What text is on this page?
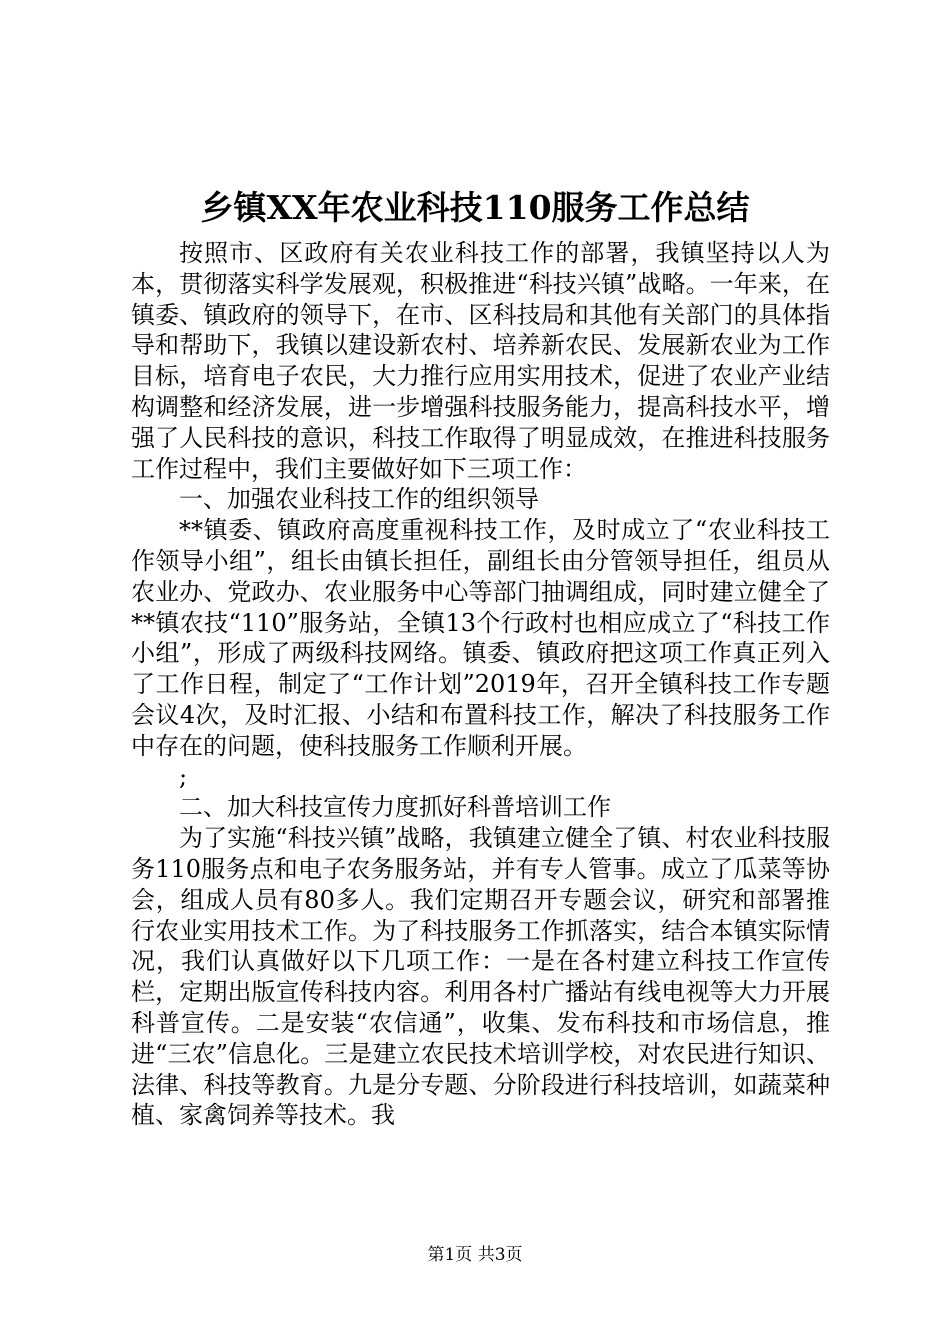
乡镇XX年农业科技110服务工作总结

按照市、区政府有关农业科技工作的部署，我镇坚持以人为本，贯彻落实科学发展观，积极推进“科技兴镇”战略。一年来，在镇委、镇政府的领导下，在市、区科技局和其他有关部门的具体指导和帮助下，我镇以建设新农村、培养新农民、发展新农业为工作目标，培育电子农民，大力推行应用实用技术，促进了农业产业结构调整和经济发展，进一步增强科技服务能力，提高科技水平，增强了人民科技的意识，科技工作取得了明显成效，在推进科技服务工作过程中，我们主要做好如下三项工作：

一、加强农业科技工作的组织领导

**镇委、镇政府高度重视科技工作，及时成立了“农业科技工作领导小组”，组长由镇长担任，副组长由分管领导担任，组员从农业办、党政办、农业服务中心等部门抽调组成，同时建立健全了**镇农技“110”服务站，全镇13个行政村也相应成立了“科技工作小组”，形成了两级科技网络。镇委、镇政府把这项工作真正列入了工作日程，制定了“工作计划”2019年，召开全镇科技工作专题会议4次，及时汇报、小结和布置科技工作，解决了科技服务工作中存在的问题，使科技服务工作顺利开展。

;

二、加大科技宣传力度抓好科普培训工作

为了实施“科技兴镇”战略，我镇建立健全了镇、村农业科技服务110服务点和电子农务服务站，并有专人管事。成立了瓜菜等协会，组成人员有80多人。我们定期召开专题会议，研究和部署推行农业实用技术工作。为了科技服务工作抓落实，结合本镇实际情况，我们认真做好以下几项工作：一是在各村建立科技工作宣传栏，定期出版宣传科技内容。利用各村广播站有线电视等大力开展科普宣传。二是安装“农信通”，收集、发布科技和市场信息，推进“三农”信息化。三是建立农民技术培训学校，对农民进行知识、法律、科技等教育。九是分专题、分阶段进行科技培训，如蔬菜种植、家禽饲养等技术。我

第1页 共3页
